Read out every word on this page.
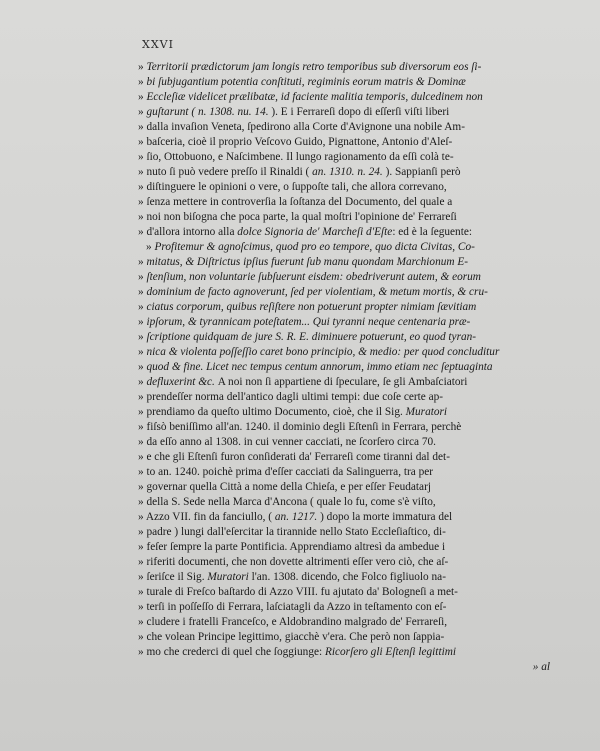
XXVI
» Territorii prædictorum jam longis retro temporibus sub diversorum eos ſi-
» bi ſubjugantium potentia conſtituti, regiminis eorum matris & Dominæ
» Eccleſiæ videlicet prælibatæ, id faciente malitia temporis, dulcedinem non
» guſtarunt ( n. 1308. nu. 14. ). E i Ferrareſi dopo di eſſerſi viſti liberi
» dalla invaſion Veneta, ſpedirono alla Corte d'Avignone una nobile Am-
» baſceria, cioè il proprio Veſcovo Guido, Pignattone, Antonio d'Aleſ-
» ſio, Ottobuono, e Naſcimbene. Il lungo ragionamento da eſſi colà te-
» nuto ſi può vedere preſſo il Rinaldi ( an. 1310. n. 24. ). Sappianſi però
» diſtinguere le opinioni o vere, o ſuppoſte tali, che allora correvano,
» ſenza mettere in controverſia la ſoſtanza del Documento, del quale a
» noi non biſogna che poca parte, la qual moſtri l'opinione de' Ferrareſi
» d'allora intorno alla dolce Signoria de' Marcheſi d'Eſte: ed è la ſeguente:
» Profitemur & agnoſcimus, quod pro eo tempore, quo dicta Civitas, Co-
» mitatus, & Diſtrictus ipſius fuerunt ſub manu quondam Marchionum E-
» ſtenſium, non voluntarie ſubſuerunt eisdem: obedriverunt autem, & eorum
» dominium de facto agnoverunt, ſed per violentiam, & metum mortis, & cru-
» ciatus corporum, quibus reſiſtere non potuerunt propter nimiam ſævitiam
» ipſorum, & tyrannicam poteſtatem... Qui tyranni neque centenaria præ-
» ſcriptione quidquam de jure S. R. E. diminuere potuerunt, eo quod tyran-
» nica & violenta poſſeſſio caret bono principio, & medio: per quod concluditur
» quod & fine. Licet nec tempus centum annorum, immo etiam nec ſeptuaginta
» defluxerint &c. A noi non ſi appartiene di ſpeculare, ſe gli Ambaſciatori
» prendeſſer norma dell'antico dagli ultimi tempi: due coſe certe ap-
» prendiamo da queſto ultimo Documento, cioè, che il Sig. Muratori
» fiſsò beniſſimo all'an. 1240. il dominio degli Eſtenſi in Ferrara, perchè
» da eſſo anno al 1308. in cui venner cacciati, ne ſcorſero circa 70.
» e che gli Eſtenſi furon conſiderati da' Ferrareſi come tiranni dal det-
» to an. 1240. poichè prima d'eſſer cacciati da Salinguerra, tra per
» governar quella Città a nome della Chieſa, e per eſſer Feudatarj
» della S. Sede nella Marca d'Ancona ( quale lo fu, come s'è viſto,
» Azzo VII. fin da fanciullo, ( an. 1217. ) dopo la morte immatura del
» padre ) lungi dall'eſercitar la tirannide nello Stato Eccleſiaſtico, di-
» feſer ſempre la parte Pontificia. Apprendiamo altresì da ambedue i
» riferiti documenti, che non dovette altrimenti eſſer vero ciò, che aſ-
» ſeriſce il Sig. Muratori l'an. 1308. dicendo, che Folco figliuolo na-
» turale di Freſco baſtardo di Azzo VIII. fu ajutato da' Bologneſi a met-
» terſi in poſſeſſo di Ferrara, laſciatagli da Azzo in teſtamento con eſ-
» cludere i fratelli Franceſco, e Aldobrandino malgrado de' Ferrareſi,
» che volean Principe legittimo, giacchè v'era. Che però non ſappia-
» mo che crederci di quel che ſoggiunge: Ricorſero gli Eſtenſi legittimi
» al
